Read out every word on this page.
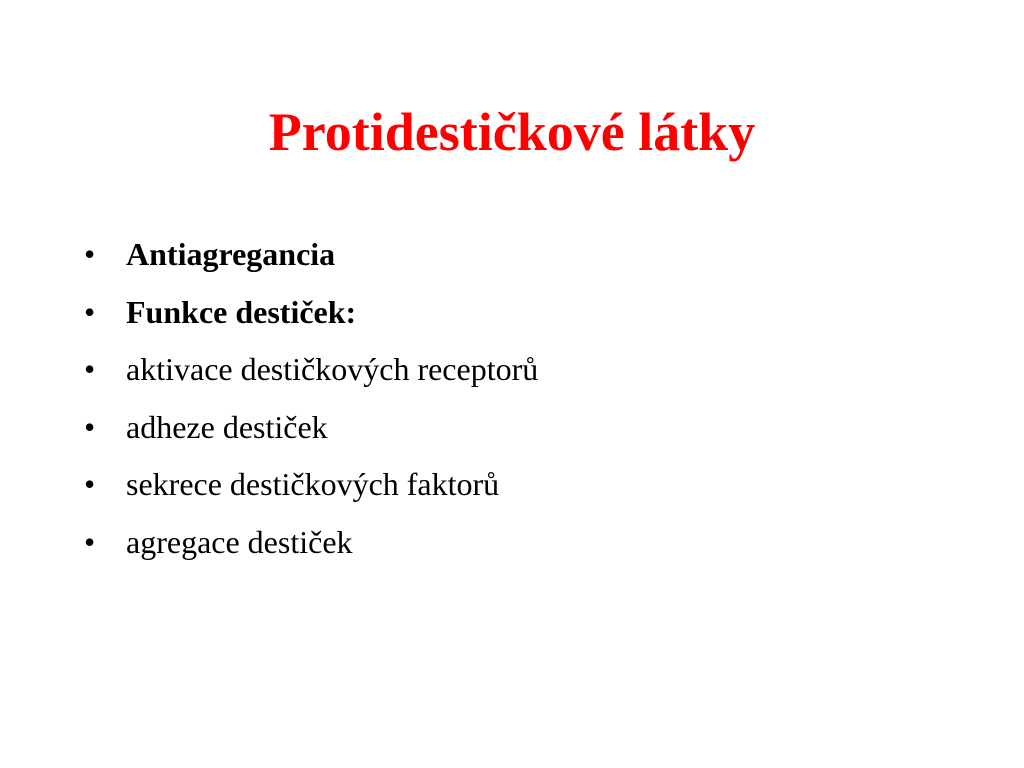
Protidestičkové látky
• Antiagregancia
• Funkce destiček:
• aktivace destičkových receptorů
• adheze destiček
• sekrece destičkových faktorů
• agregace destiček
